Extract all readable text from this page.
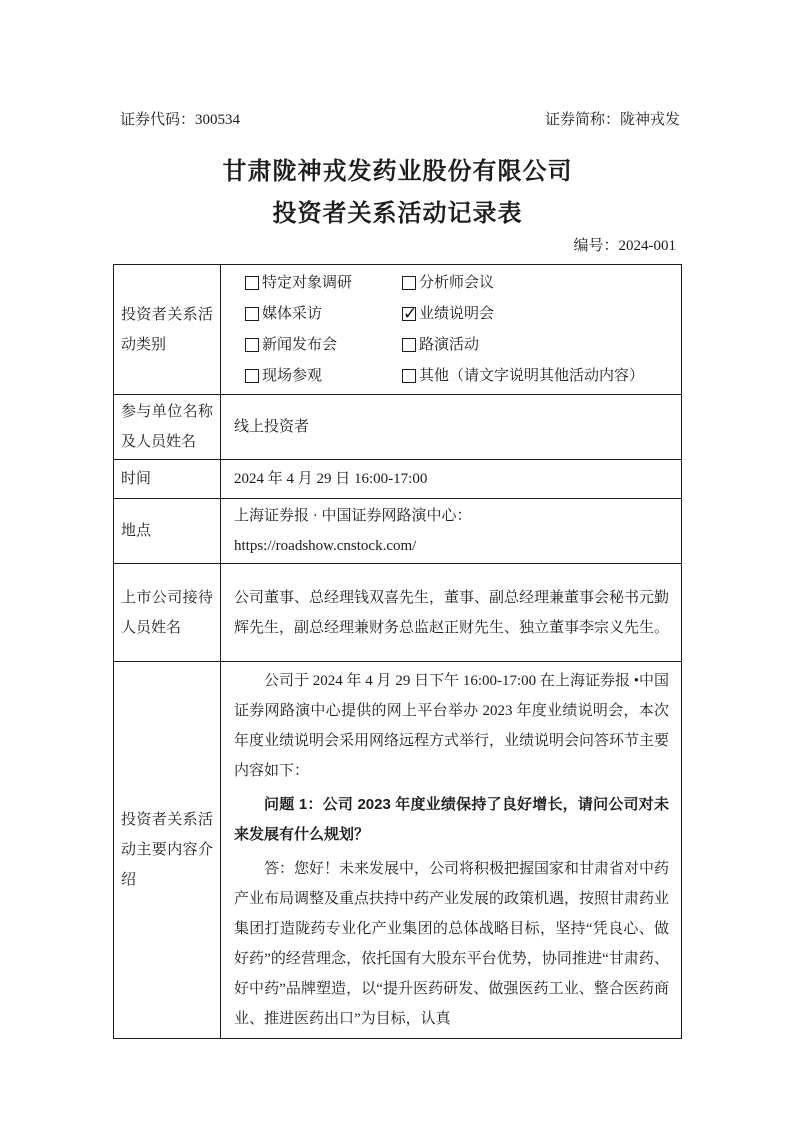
证券代码：300534	证券简称：陇神戎发
甘肃陇神戎发药业股份有限公司
投资者关系活动记录表
编号：2024-001
投资者关系活动类别	
特定对象调研	分析师会议
媒体采访 ✓	业绩说明会
新闻发布会	路演活动
现场参观	其他（请文字说明其他活动内容）

参与单位名称及人员姓名	线上投资者
时间	2024 年 4 月 29 日 16:00-17:00
地点	上海证券报 · 中国证券网路演中心：
https://roadshow.cnstock.com/

上市公司接待人员姓名	公司董事、总经理钱双喜先生，董事、副总经理兼董事会秘书元勤辉先生，副总经理兼财务总监赵正财先生、独立董事李宗义先生。
投资者关系活动主要内容介绍	公司于 2024 年 4 月 29 日下午 16:00-17:00 在上海证券报 •中国证券网路演中心提供的网上平台举办 2023 年度业绩说明会，本次年度业绩说明会采用网络远程方式举行，业绩说明会问答环节主要内容如下：

问题 1：公司 2023 年度业绩保持了良好增长，请问公司对未来发展有什么规划？

答：您好！未来发展中，公司将积极把握国家和甘肃省对中药产业布局调整及重点扶持中药产业发展的政策机遇，按照甘肃药业集团打造陇药专业化产业集团的总体战略目标，坚持“凭良心、做好药”的经营理念，依托国有大股东平台优势，协同推进“甘肃药、好中药”品牌塑造，以“提升医药研发、做强医药工业、整合医药商业、推进医药出口”为目标，认真
